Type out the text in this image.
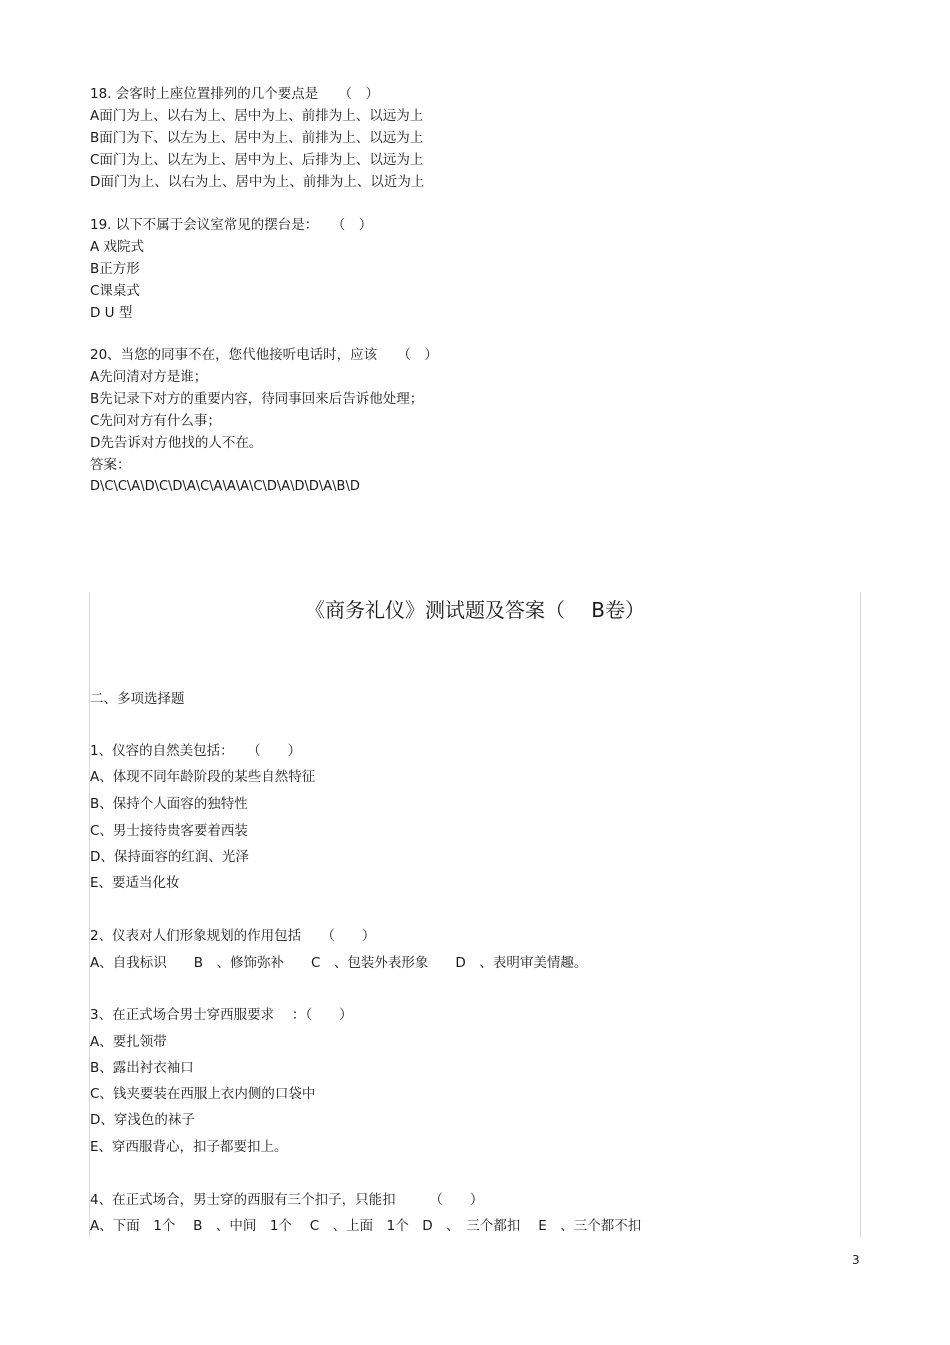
18. 会客时上座位置排列的几个要点是　　（　）
A面门为上、以右为上、居中为上、前排为上、以远为上
B面门为下、以左为上、居中为上、前排为上、以远为上
C面门为上、以左为上、居中为上、后排为上、以远为上
D面门为上、以右为上、居中为上、前排为上、以近为上
19. 以下不属于会议室常见的摆台是：　　（　）
A 戏院式
B正方形
C课桌式
D U 型
20、当您的同事不在，您代他接听电话时，应该　　（　）
A先问清对方是谁；
B先记录下对方的重要内容，待同事回来后告诉他处理；
C先问对方有什么事；
D先告诉对方他找的人不在。
答案：
D\C\C\A\D\C\D\A\C\A\A\A\C\D\A\D\D\A\B\D
《商务礼仪》测试题及答案（　 B卷）
二、多项选择题
1、仪容的自然美包括：　　（　　）
A、体现不同年龄阶段的某些自然特征
B、保持个人面容的独特性
C、男士接待贵客要着西装
D、保持面容的红润、光泽
E、要适当化妆
2、仪表对人们形象规划的作用包括　　（　　）
A、自我标识　　B　、修饰弥补　　C　、包装外表形象　　D　、表明审美情趣。
3、在正式场合男士穿西服要求　 ：（　　）
A、要扎领带
B、露出衬衣袖口
C、钱夹要装在西服上衣内侧的口袋中
D、穿浅色的袜子
E、穿西服背心，扣子都要扣上。
4、在正式场合，男士穿的西服有三个扣子，只能扣　　　（　　）
A、下面　1个　 B　、中间　1个　 C　、上面　1个　D　、　三个都扣　 E　、三个都不扣
3
